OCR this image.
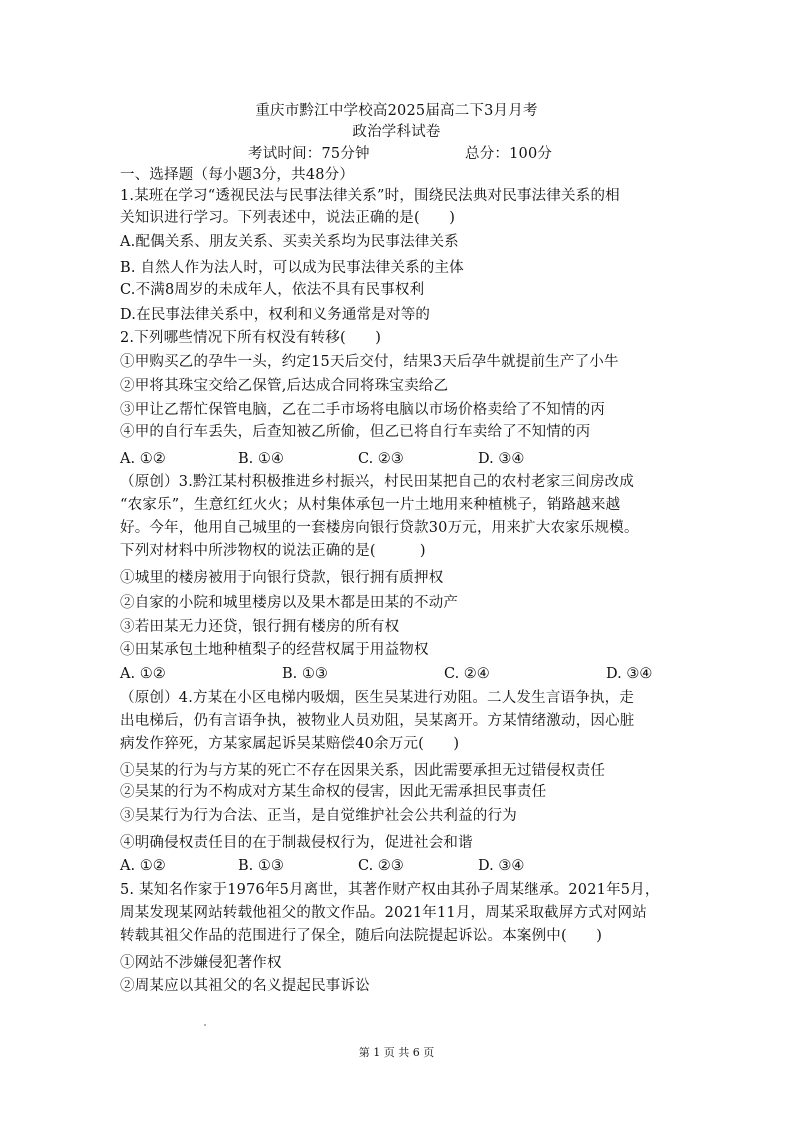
重庆市黔江中学校高2025届高二下3月月考
政治学科试卷
考试时间：75分钟	总分：100分
一、选择题（每小题3分，共48分）
1.某班在学习“透视民法与民事法律关系”时，围绕民法典对民事法律关系的相
关知识进行学习。下列表述中，说法正确的是(　　)
A.配偶关系、朋友关系、买卖关系均为民事法律关系
B. 自然人作为法人时，可以成为民事法律关系的主体
C.不满8周岁的未成年人，依法不具有民事权利
D.在民事法律关系中，权利和义务通常是对等的
2.下列哪些情况下所有权没有转移(　　)
①甲购买乙的孕牛一头，约定15天后交付，结果3天后孕牛就提前生产了小牛
②甲将其珠宝交给乙保管,后达成合同将珠宝卖给乙
③甲让乙帮忙保管电脑，乙在二手市场将电脑以市场价格卖给了不知情的丙
④甲的自行车丢失，后查知被乙所偷，但乙已将自行车卖给了不知情的丙
A. ①②	B. ①④	C. ②③	D. ③④
（原创）3.黔江某村积极推进乡村振兴，村民田某把自己的农村老家三间房改成
“农家乐”，生意红红火火；从村集体承包一片土地用来种植桃子，销路越来越
好。今年，他用自己城里的一套楼房向银行贷款30万元，用来扩大农家乐规模。
下列对材料中所涉物权的说法正确的是(　　　)
①城里的楼房被用于向银行贷款，银行拥有质押权
②自家的小院和城里楼房以及果木都是田某的不动产
③若田某无力还贷，银行拥有楼房的所有权
④田某承包土地种植梨子的经营权属于用益物权
A. ①②	B. ①③	C. ②④	D. ③④
（原创）4.方某在小区电梯内吸烟，医生吴某进行劝阻。二人发生言语争执，走
出电梯后，仍有言语争执，被物业人员劝阻，吴某离开。方某情绪激动，因心脏
病发作猝死，方某家属起诉吴某赔偿40余万元(　　)
①吴某的行为与方某的死亡不存在因果关系，因此需要承担无过错侵权责任
②吴某的行为不构成对方某生命权的侵害，因此无需承担民事责任
③吴某行为行为合法、正当，是自觉维护社会公共利益的行为
④明确侵权责任目的在于制裁侵权行为，促进社会和谐
A. ①②	B. ①③	C. ②③	D. ③④
5. 某知名作家于1976年5月离世，其著作财产权由其孙子周某继承。2021年5月，
周某发现某网站转载他祖父的散文作品。2021年11月，周某采取截屏方式对网站
转载其祖父作品的范围进行了保全，随后向法院提起诉讼。本案例中(　　)
①网站不涉嫌侵犯著作权
②周某应以其祖父的名义提起民事诉讼
第 1 页 共 6 页
